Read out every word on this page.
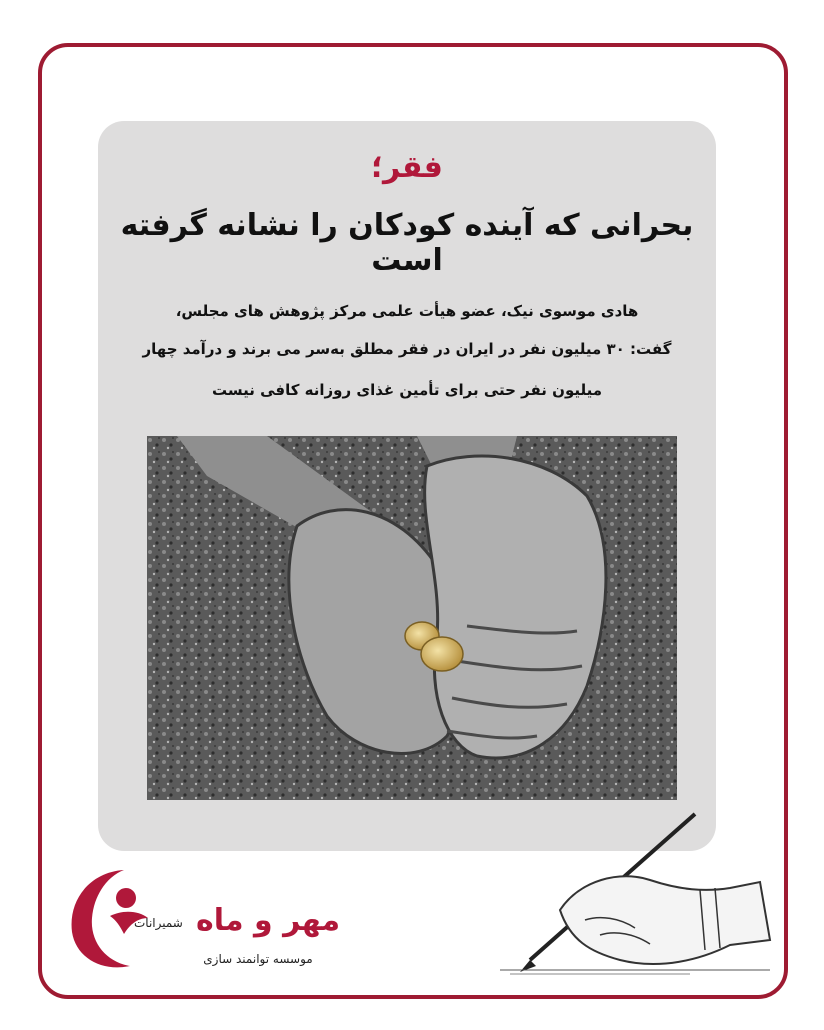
فقر؛
بحرانی که آینده کودکان را نشانه گرفته است
هادی موسوی نیک، عضو هیأت علمی مرکز پژوهش های مجلس،
گفت: ۳۰ میلیون نفر در ایران در فقر مطلق به‌سر می برند و درآمد چهار
میلیون نفر حتی برای تأمین غذای روزانه کافی نیست
مهر و ماه
شمیرانات
موسسه توانمند سازی
